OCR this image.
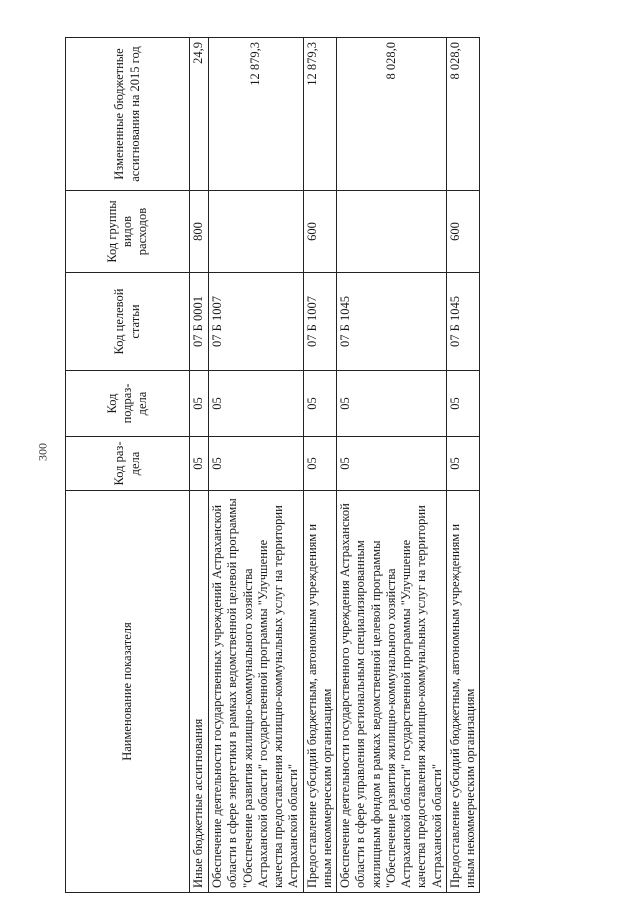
300
Наименование показателя	Код раз-дела	Код подраз-дела	Код целевой статьи	Код группы видов расходов	Измененные бюджетные ассигнования на 2015 год
Иные бюджетные ассигнования	05	05	07 Б 0001	800	24,9
Обеспечение деятельности государственных учреждений Астраханской области в сфере энергетики в рамках ведомственной целевой программы "Обеспечение развития жилищно-коммунального хозяйства Астраханской области" государственной программы "Улучшение качества предоставления жилищно-коммунальных услуг на территории Астраханской области"	05	05	07 Б 1007		12 879,3
Предоставление субсидий бюджетным, автономным учреждениям и иным некоммерческим организациям	05	05	07 Б 1007	600	12 879,3
Обеспечение деятельности государственного учреждения Астраханской области в сфере управления региональным специализированным жилищным фондом в рамках ведомственной целевой программы "Обеспечение развития жилищно-коммунального хозяйства Астраханской области" государственной программы "Улучшение качества предоставления жилищно-коммунальных услуг на территории Астраханской области"	05	05	07 Б 1045		8 028,0
Предоставление субсидий бюджетным, автономным учреждениям и иным некоммерческим организациям	05	05	07 Б 1045	600	8 028,0
